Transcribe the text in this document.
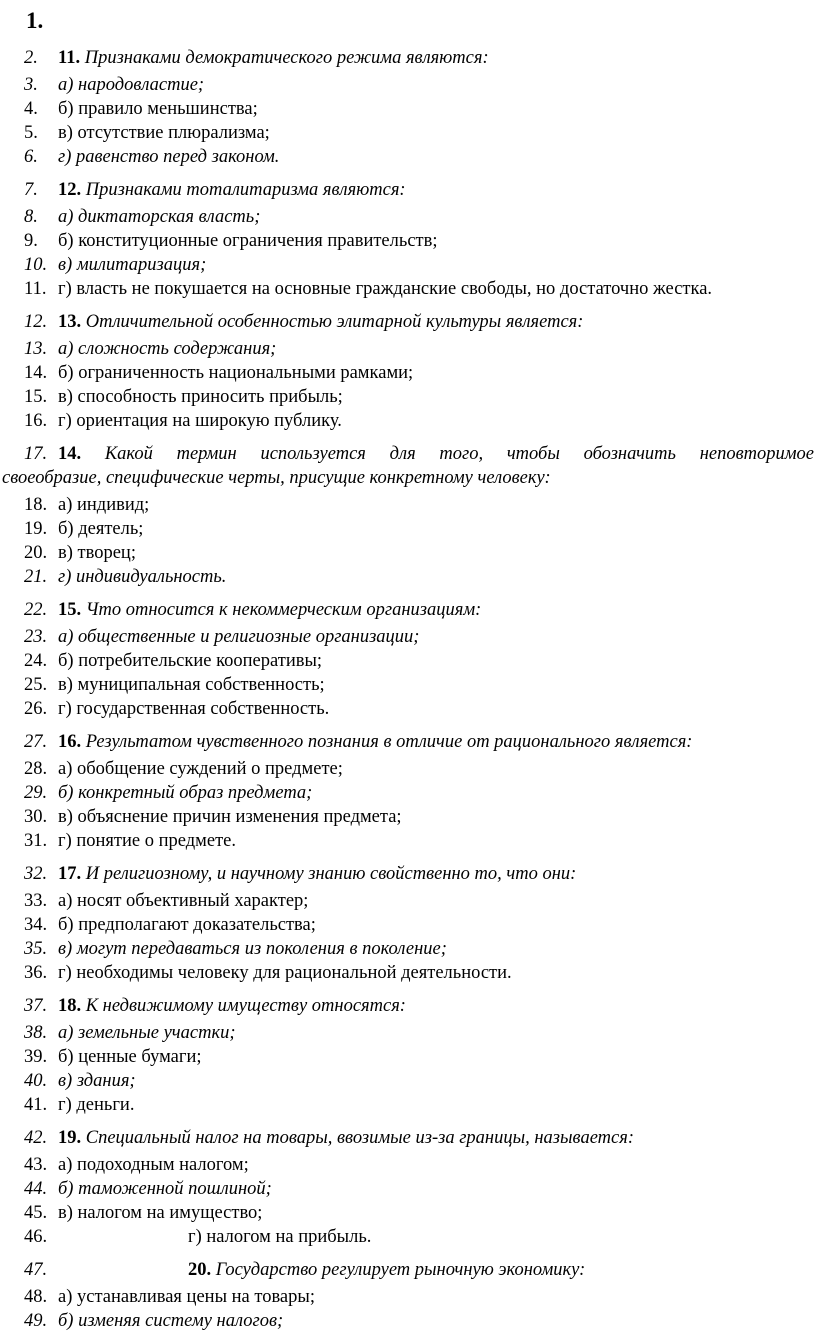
1.
2. 11. Признаками демократического режима являются:
3. а) народовластие;
4. б) правило меньшинства;
5. в) отсутствие плюрализма;
6. г) равенство перед законом.
7. 12. Признаками тоталитаризма являются:
8. а) диктаторская власть;
9. б) конституционные ограничения правительств;
10. в) милитаризация;
11. г) власть не покушается на основные гражданские свободы, но достаточно жестка.
12. 13. Отличительной особенностью элитарной культуры является:
13. а) сложность содержания;
14. б) ограниченность национальными рамками;
15. в) способность приносить прибыль;
16. г) ориентация на широкую публику.
17. 14. Какой термин используется для того, чтобы обозначить неповторимое
своеобразие, специфические черты, присущие конкретному человеку:
18. а) индивид;
19. б) деятель;
20. в) творец;
21. г) индивидуальность.
22. 15. Что относится к некоммерческим организациям:
23. а) общественные и религиозные организации;
24. б) потребительские кооперативы;
25. в) муниципальная собственность;
26. г) государственная собственность.
27. 16. Результатом чувственного познания в отличие от рационального является:
28. а) обобщение суждений о предмете;
29. б) конкретный образ предмета;
30. в) объяснение причин изменения предмета;
31. г) понятие о предмете.
32. 17. И религиозному, и научному знанию свойственно то, что они:
33. а) носят объективный характер;
34. б) предполагают доказательства;
35. в) могут передаваться из поколения в поколение;
36. г) необходимы человеку для рациональной деятельности.
37. 18. К недвижимому имуществу относятся:
38. а) земельные участки;
39. б) ценные бумаги;
40. в) здания;
41. г) деньги.
42. 19. Специальный налог на товары, ввозимые из-за границы, называется:
43. а) подоходным налогом;
44. б) таможенной пошлиной;
45. в) налогом на имущество;
46.	г) налогом на прибыль.
47.	20. Государство регулирует рыночную экономику:
48. а) устанавливая цены на товары;
49. б) изменяя систему налогов;
